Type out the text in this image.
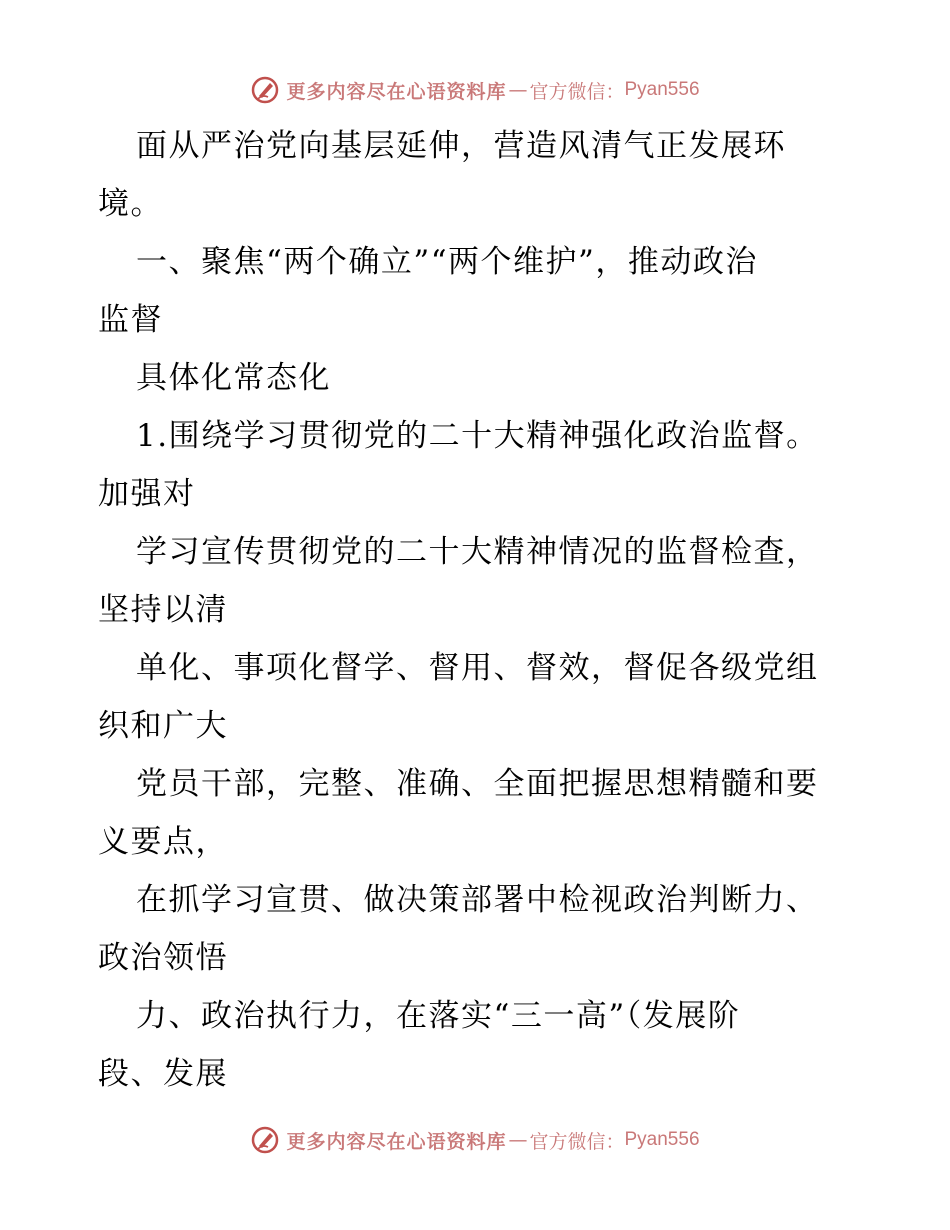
更多内容尽在心语资料库 — 官方微信： Pyan556
面从严治党向基层延伸，营造风清气正发展环
境。
一、聚焦“两个确立”“两个维护”，推动政治
监督
具体化常态化
1.围绕学习贯彻党的二十大精神强化政治监督。
加强对
学习宣传贯彻党的二十大精神情况的监督检查，
坚持以清
单化、事项化督学、督用、督效，督促各级党组
织和广大
党员干部，完整、准确、全面把握思想精髓和要
义要点，
在抓学习宣贯、做决策部署中检视政治判断力、
政治领悟
力、政治执行力，在落实“三一高”（发展阶
段、发展
更多内容尽在心语资料库 — 官方微信： Pyan556
